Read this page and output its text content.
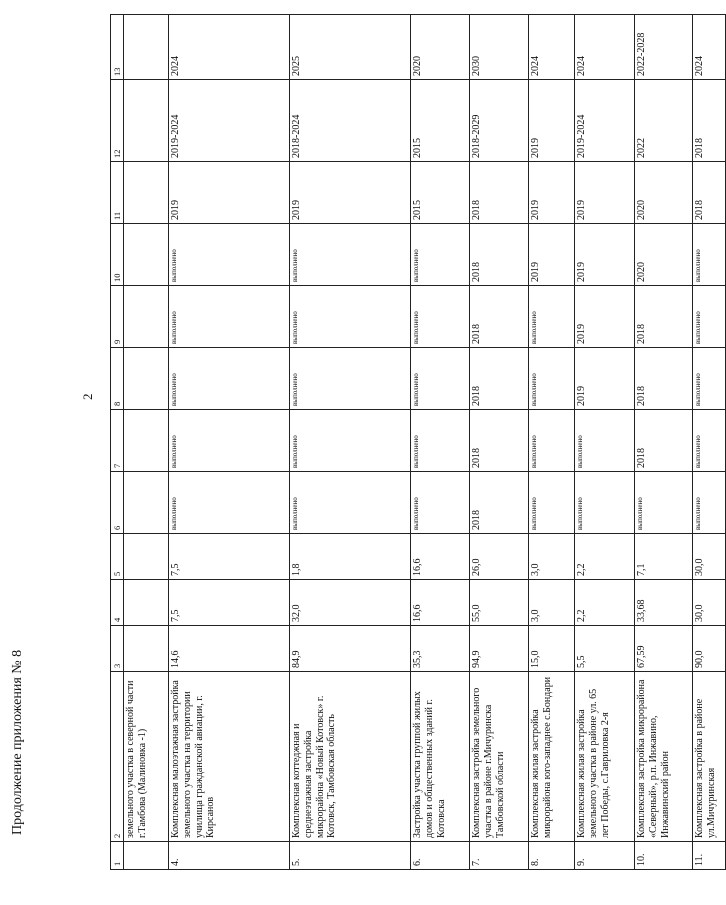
Продолжение приложения № 8
2
1	2	3	4	5	6	7	8	9	10	11	12	13
	земельного участка в северной части г.Тамбова (Малиновка -1)											
4.	Комплексная малоэтажная застройка земельного участка на территории училища гражданской авиации, г. Кирсанов	14,6	7,5	7,5	выполнено	выполнено	выполнено	выполнено	выполнено	2019	2019-2024	2024
5.	Комплексная коттеджная и среднеэтажная застройка микрорайона «Новый Котовск» г. Котовск, Тамбовская область	84,9	32,0	1,8	выполнено	выполнено	выполнено	выполнено	выполнено	2019	2018-2024	2025
6.	Застройка участка группой жилых домов и общественных зданий г. Котовска	35,3	16,6	16,6	выполнено	выполнено	выполнено	выполнено	выполнено	2015	2015	2020
7.	Комплексная застройка земельного участка в районе г.Мичуринска Тамбовской области	94,9	55,0	26,0	2018	2018	2018	2018	2018	2018	2018-2029	2030
8.	Комплексная жилая застройка микрорайона юго-западнее с.Бондари	15,0	3,0	3,0	выполнено	выполнено	выполнено	выполнено	2019	2019	2019	2024
9.	Комплексная жилая застройка земельного участка в районе ул. 65 лет Победы, с.Гавриловка 2-я	5,5	2,2	2,2	выполнено	выполнено	2019	2019	2019	2019	2019-2024	2024
10.	Комплексная застройка микрорайона «Северный», р.п. Инжавино, Инжавинский район	67,59	33,68	7,1	выполнено	2018	2018	2018	2020	2020	2022	2022-2028
11.	Комплексная застройка в районе ул.Мичуринская	90,0	30,0	30,0	выполнено	выполнено	выполнено	выполнено	выполнено	2018	2018	2024
